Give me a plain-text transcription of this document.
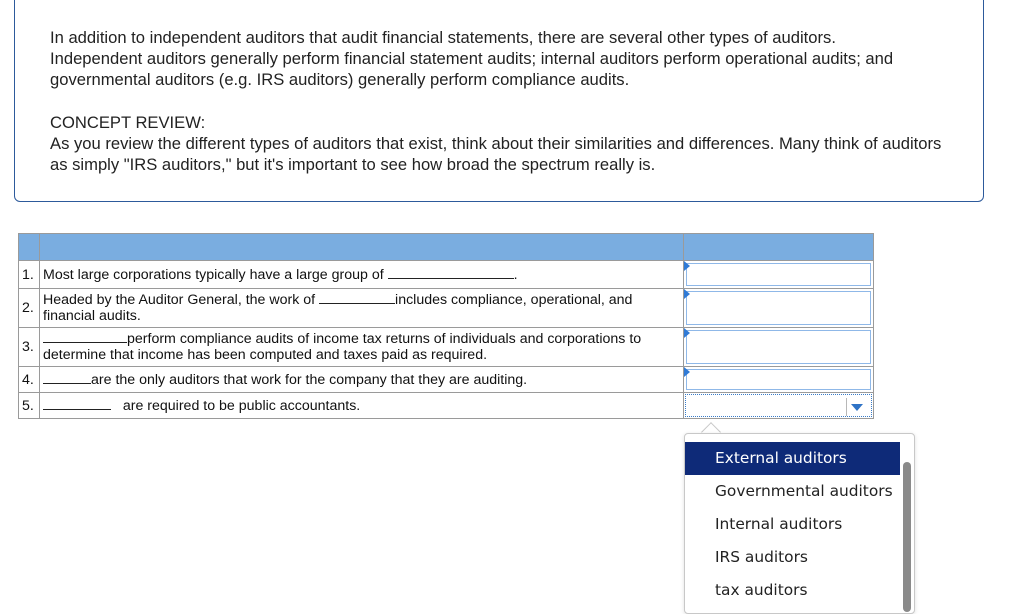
In addition to independent auditors that audit financial statements, there are several other types of auditors. Independent auditors generally perform financial statement audits; internal auditors perform operational audits; and governmental auditors (e.g. IRS auditors) generally perform compliance audits.

CONCEPT REVIEW:

As you review the different types of auditors that exist, think about their similarities and differences. Many think of auditors as simply "IRS auditors," but it's important to see how broad the spectrum really is.

1.	Most large corporations typically have a large group of .	

2.	Headed by the Auditor General, the work of includes compliance, operational, and financial audits.	

3.	perform compliance audits of income tax returns of individuals and corporations to determine that income has been computed and taxes paid as required.	

4.	are the only auditors that work for the company that they are auditing.	

5.	are required to be public accountants.	
External auditors
Governmental auditors
Internal auditors
IRS auditors
tax auditors
